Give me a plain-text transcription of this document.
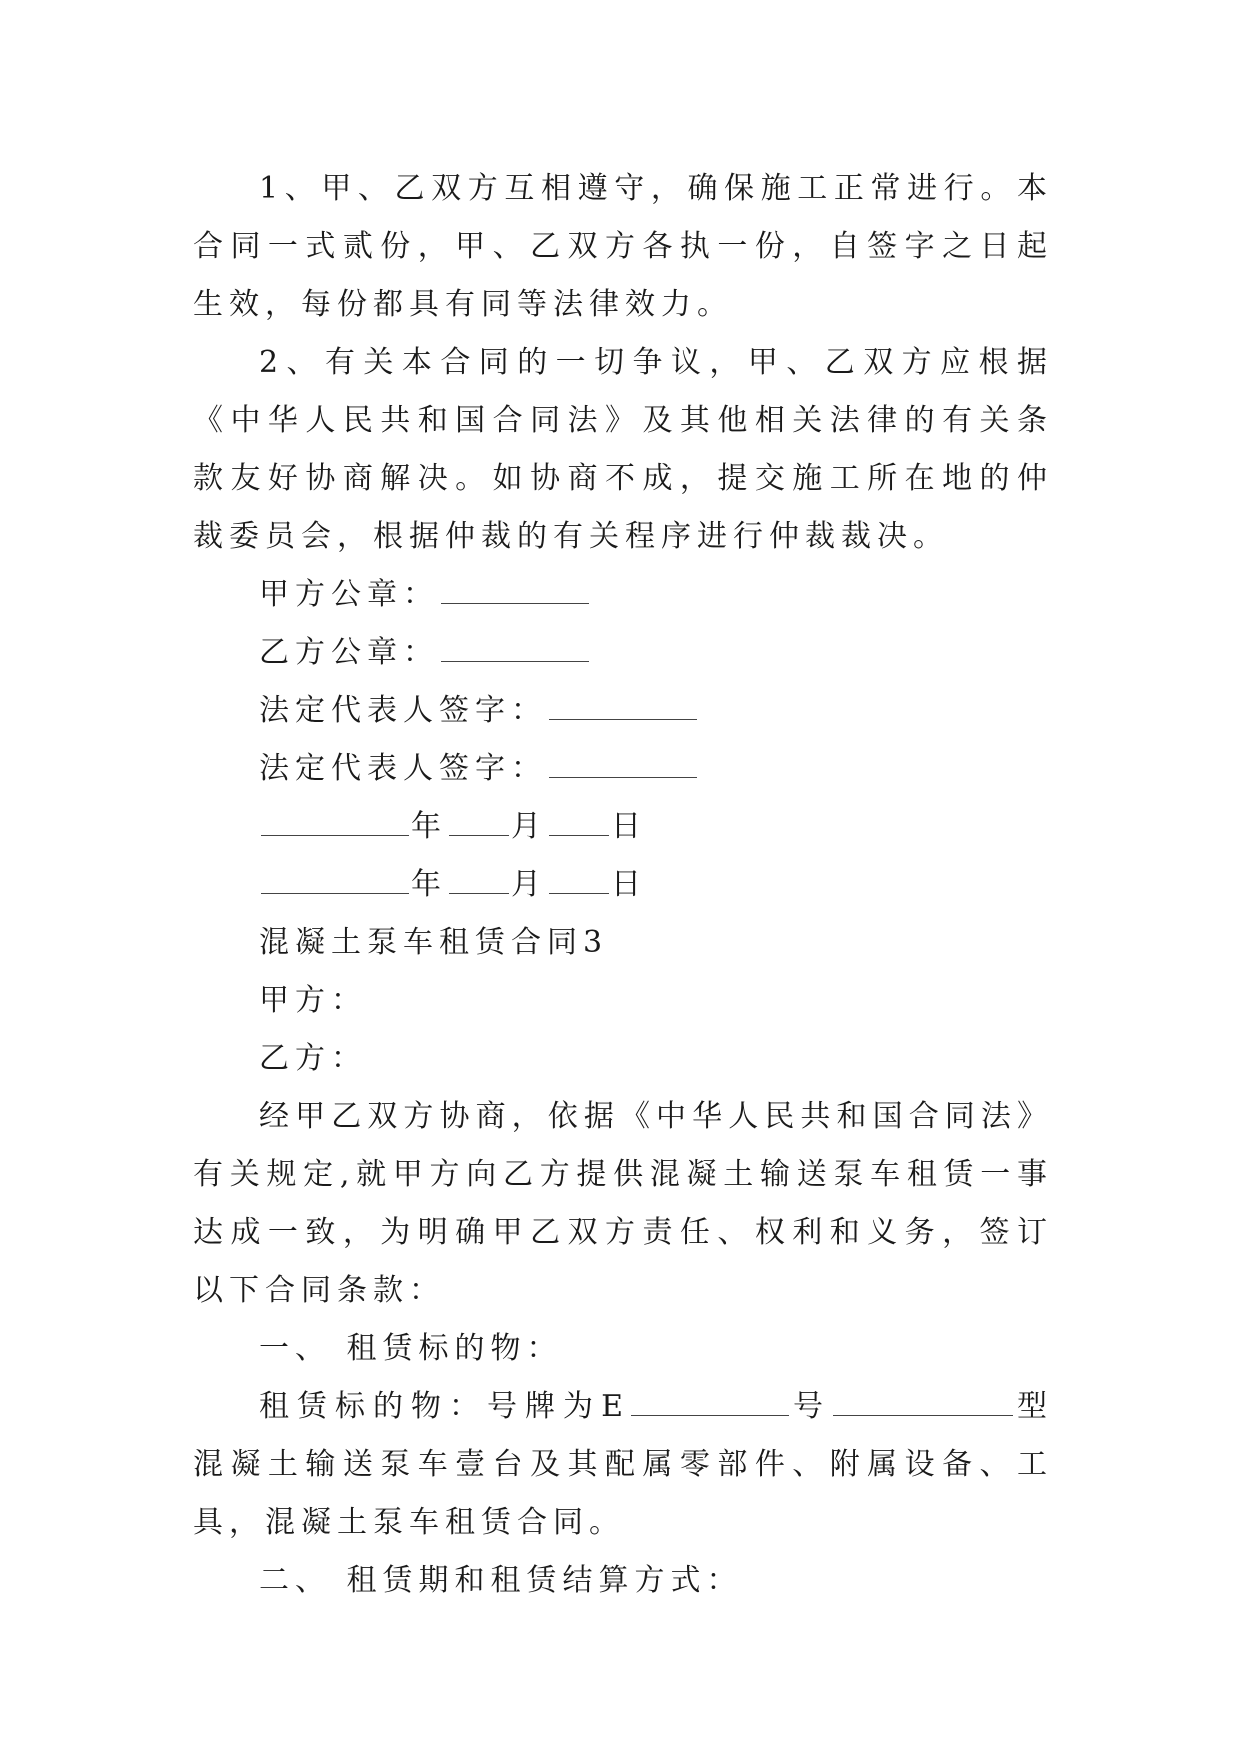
1、甲、乙双方互相遵守，确保施工正常进行。本合同一式贰份，甲、乙双方各执一份，自签字之日起生效，每份都具有同等法律效力。

2、有关本合同的一切争议，甲、乙双方应根据《中华人民共和国合同法》及其他相关法律的有关条款友好协商解决。如协商不成，提交施工所在地的仲裁委员会，根据仲裁的有关程序进行仲裁裁决。

甲方公章：

乙方公章：

法定代表人签字：

法定代表人签字：

年 月 日

年 月 日

混凝土泵车租赁合同3

甲方：

乙方：

经甲乙双方协商，依据《中华人民共和国合同法》有关规定,就甲方向乙方提供混凝土输送泵车租赁一事达成一致，为明确甲乙双方责任、权利和义务，签订以下合同条款：

一、 租赁标的物：

租赁标的物：号牌为E	号	型混凝土输送泵车壹台及其配属零部件、附属设备、工具，混凝土泵车租赁合同。

二、 租赁期和租赁结算方式：
